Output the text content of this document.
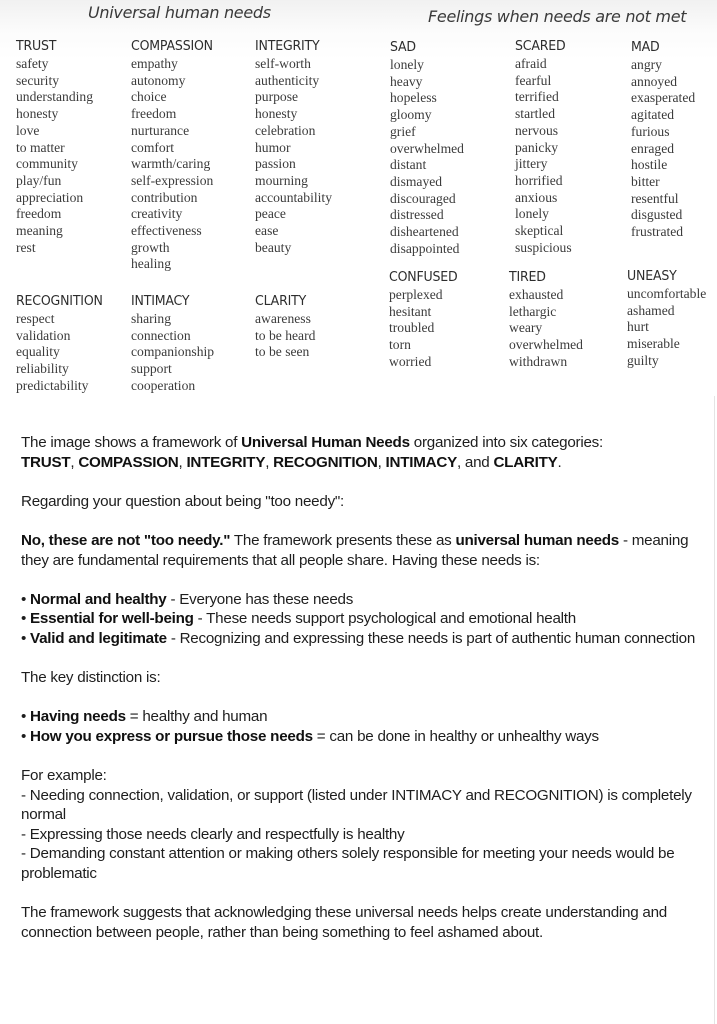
Universal human needs	Feelings when needs are not met
TRUST
safety
security
understanding
honesty
love
to matter
community
play/fun
appreciation
freedom
meaning
rest
COMPASSION
empathy
autonomy
choice
freedom
nurturance
comfort
warmth/caring
self-expression
contribution
creativity
effectiveness
growth
healing
INTEGRITY
self-worth
authenticity
purpose
honesty
celebration
humor
passion
mourning
accountability
peace
ease
beauty
RECOGNITION
respect
validation
equality
reliability
predictability
INTIMACY
sharing
connection
companionship
support
cooperation
CLARITY
awareness
to be heard
to be seen
SAD
lonely
heavy
hopeless
gloomy
grief
overwhelmed
distant
dismayed
discouraged
distressed
disheartened
disappointed
SCARED
afraid
fearful
terrified
startled
nervous
panicky
jittery
horrified
anxious
lonely
skeptical
suspicious
MAD
angry
annoyed
exasperated
agitated
furious
enraged
hostile
bitter
resentful
disgusted
frustrated
CONFUSED
perplexed
hesitant
troubled
torn
worried
TIRED
exhausted
lethargic
weary
overwhelmed
withdrawn
UNEASY
uncomfortable
ashamed
hurt
miserable
guilty

The image shows a framework of Universal Human Needs organized into six categories:
TRUST, COMPASSION, INTEGRITY, RECOGNITION, INTIMACY, and CLARITY.

Regarding your question about being "too needy":

No, these are not "too needy." The framework presents these as universal human needs - meaning they are fundamental requirements that all people share. Having these needs is:

• Normal and healthy - Everyone has these needs
• Essential for well-being - These needs support psychological and emotional health
• Valid and legitimate - Recognizing and expressing these needs is part of authentic human connection

The key distinction is:

• Having needs = healthy and human
• How you express or pursue those needs = can be done in healthy or unhealthy ways

For example:
- Needing connection, validation, or support (listed under INTIMACY and RECOGNITION) is completely normal
- Expressing those needs clearly and respectfully is healthy
- Demanding constant attention or making others solely responsible for meeting your needs would be problematic

The framework suggests that acknowledging these universal needs helps create understanding and connection between people, rather than being something to feel ashamed about.
